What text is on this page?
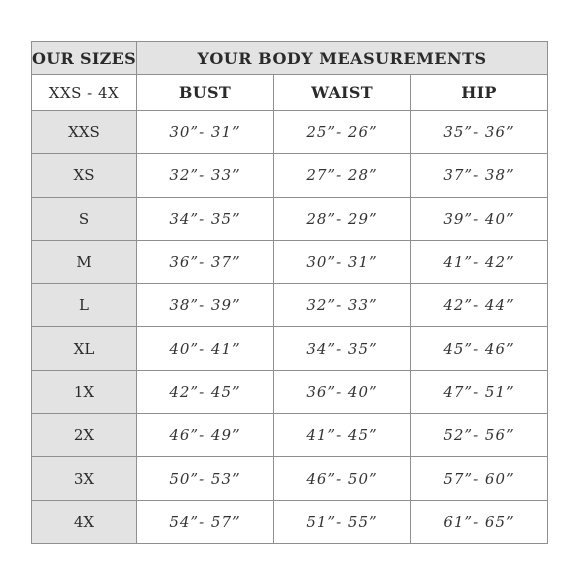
OUR SIZES	YOUR BODY MEASUREMENTS		
XXS - 4X	BUST	WAIST	HIP
XXS	30”- 31”	25”- 26”	35”- 36”
XS	32”- 33”	27”- 28”	37”- 38”
S	34”- 35”	28”- 29”	39”- 40”
M	36”- 37”	30”- 31”	41”- 42”
L	38”- 39”	32”- 33”	42”- 44”
XL	40”- 41”	34”- 35”	45”- 46”
1X	42”- 45”	36”- 40”	47”- 51”
2X	46”- 49”	41”- 45”	52”- 56”
3X	50”- 53”	46”- 50”	57”- 60”
4X	54”- 57”	51”- 55”	61”- 65”
